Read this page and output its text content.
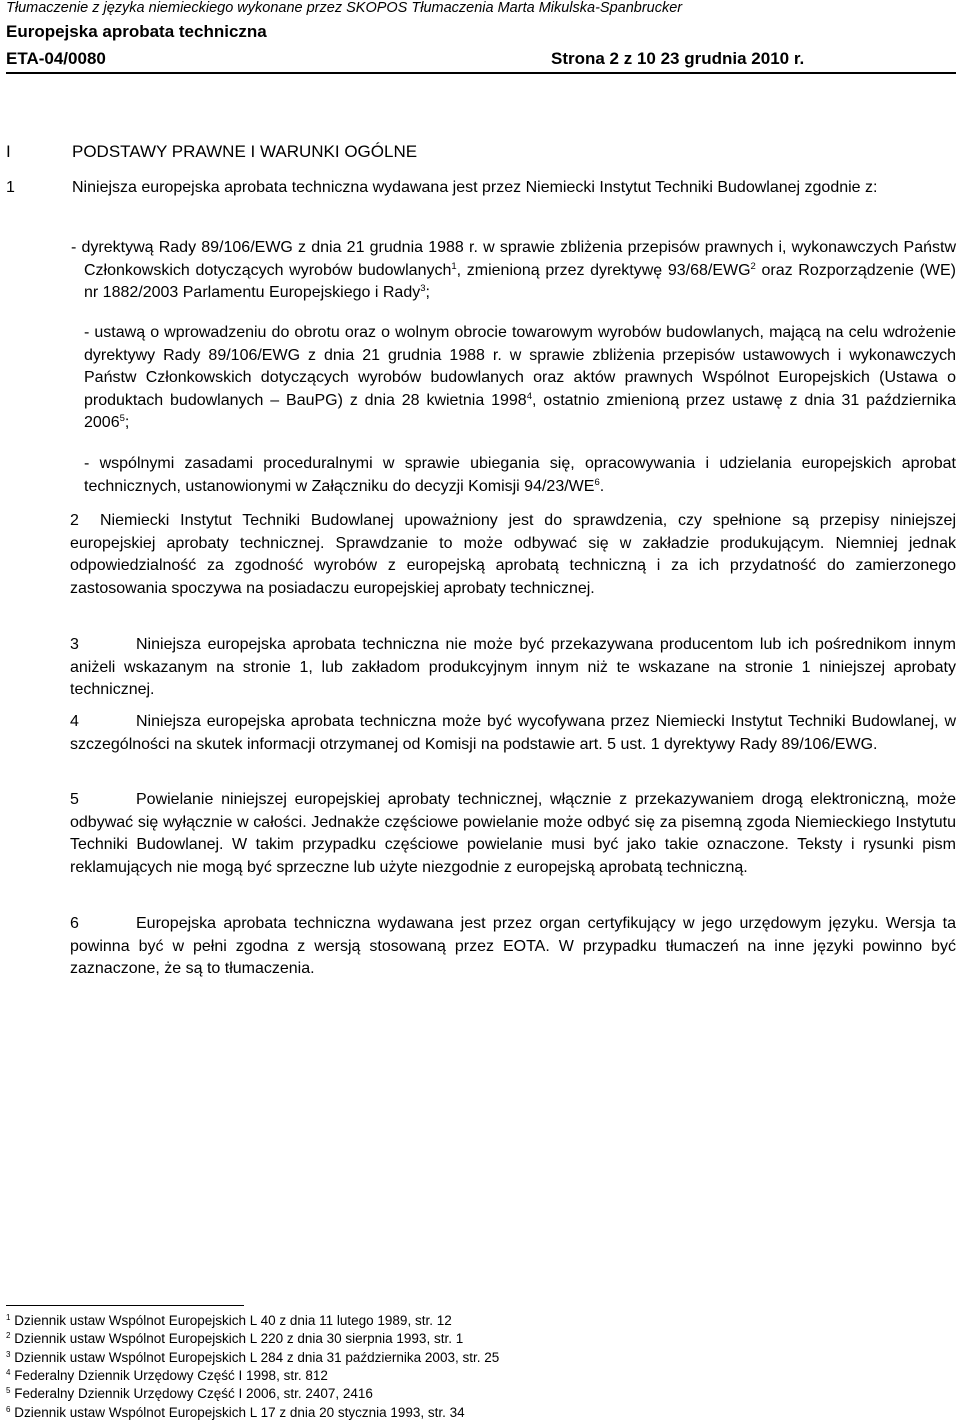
Tłumaczenie z języka niemieckiego wykonane przez SKOPOS Tłumaczenia Marta Mikulska-Spanbrucker
Europejska aprobata techniczna
ETA-04/0080	Strona 2 z 10 23 grudnia 2010 r.
I	PODSTAWY PRAWNE I WARUNKI OGÓLNE
1	Niniejsza europejska aprobata techniczna wydawana jest przez Niemiecki Instytut Techniki Budowlanej zgodnie z:
- dyrektywą Rady 89/106/EWG z dnia 21 grudnia 1988 r. w sprawie zbliżenia przepisów prawnych i, wykonawczych Państw Członkowskich dotyczących wyrobów budowlanych$^1$, zmienioną przez dyrektywę 93/68/EWG$^2$ oraz Rozporządzenie (WE) nr 1882/2003 Parlamentu Europejskiego i Rady$^3$;
- ustawą o wprowadzeniu do obrotu oraz o wolnym obrocie towarowym wyrobów budowlanych, mającą na celu wdrożenie dyrektywy Rady 89/106/EWG z dnia 21 grudnia 1988 r. w sprawie zbliżenia przepisów ustawowych i wykonawczych Państw Członkowskich dotyczących wyrobów budowlanych oraz aktów prawnych Wspólnot Europejskich (Ustawa o produktach budowlanych – BauPG) z dnia 28 kwietnia 1998$^4$, ostatnio zmienioną przez ustawę z dnia 31 października 2006$^5$;
- wspólnymi zasadami proceduralnymi w sprawie ubiegania się, opracowywania i udzielania europejskich aprobat technicznych, ustanowionymi w Załączniku do decyzji Komisji $94/23/WE^6$.
2 Niemiecki Instytut Techniki Budowlanej upoważniony jest do sprawdzenia, czy spełnione są przepisy niniejszej europejskiej aprobaty technicznej. Sprawdzanie to może odbywać się w zakładzie produkującym. Niemniej jednak odpowiedzialność za zgodność wyrobów z europejską aprobatą techniczną i za ich przydatność do zamierzonego zastosowania spoczywa na posiadaczu europejskiej aprobaty technicznej.
3	Niniejsza europejska aprobata techniczna nie może być przekazywana producentom lub ich pośrednikom innym aniżeli wskazanym na stronie 1, lub zakładom produkcyjnym innym niż te wskazane na stronie 1 niniejszej aprobaty technicznej.
4	Niniejsza europejska aprobata techniczna może być wycofywana przez Niemiecki Instytut Techniki Budowlanej, w szczególności na skutek informacji otrzymanej od Komisji na podstawie art. 5 ust. 1 dyrektywy Rady 89/106/EWG.
5	Powielanie niniejszej europejskiej aprobaty technicznej, włącznie z przekazywaniem drogą elektroniczną, może odbywać się wyłącznie w całości. Jednakże częściowe powielanie może odbyć się za pisemną zgoda Niemieckiego Instytutu Techniki Budowlanej. W takim przypadku częściowe powielanie musi być jako takie oznaczone. Teksty i rysunki pism reklamujących nie mogą być sprzeczne lub użyte niezgodnie z europejską aprobatą techniczną.
6	Europejska aprobata techniczna wydawana jest przez organ certyfikujący w jego urzędowym języku. Wersja ta powinna być w pełni zgodna z wersją stosowaną przez EOTA. W przypadku tłumaczeń na inne języki powinno być zaznaczone, że są to tłumaczenia.
$^1$ Dziennik ustaw Wspólnot Europejskich L 40 z dnia 11 lutego 1989, str. 12
$^2$ Dziennik ustaw Wspólnot Europejskich L 220 z dnia 30 sierpnia 1993, str. 1
$^3$ Dziennik ustaw Wspólnot Europejskich L 284 z dnia 31 października 2003, str. 25
$^4$ Federalny Dziennik Urzędowy Część I 1998, str. 812
$^5$ Federalny Dziennik Urzędowy Część I 2006, str. 2407, 2416
$^6$ Dziennik ustaw Wspólnot Europejskich L 17 z dnia 20 stycznia 1993, str. 34
